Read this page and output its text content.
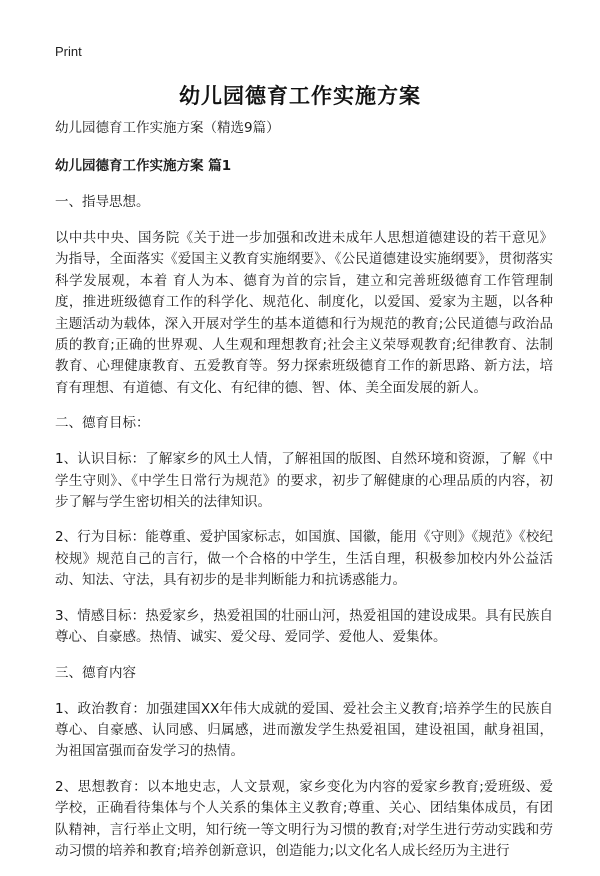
Print
幼儿园德育工作实施方案
幼儿园德育工作实施方案（精选9篇）
幼儿园德育工作实施方案 篇1
一、指导思想。
以中共中央、国务院《关于进一步加强和改进未成年人思想道德建设的若干意见》为指导，全面落实《爱国主义教育实施纲要》、《公民道德建设实施纲要》，贯彻落实科学发展观，本着 育人为本、德育为首的宗旨，建立和完善班级德育工作管理制度，推进班级德育工作的科学化、规范化、制度化，以爱国、爱家为主题，以各种主题活动为载体，深入开展对学生的基本道德和行为规范的教育;公民道德与政治品质的教育;正确的世界观、人生观和理想教育;社会主义荣辱观教育;纪律教育、法制教育、心理健康教育、五爱教育等。努力探索班级德育工作的新思路、新方法，培育有理想、有道德、有文化、有纪律的德、智、体、美全面发展的新人。
二、德育目标：
1、认识目标：了解家乡的风土人情，了解祖国的版图、自然环境和资源，了解《中学生守则》、《中学生日常行为规范》的要求，初步了解健康的心理品质的内容，初步了解与学生密切相关的法律知识。
2、行为目标：能尊重、爱护国家标志，如国旗、国徽，能用《守则》《规范》《校纪校规》规范自己的言行，做一个合格的中学生，生活自理，积极参加校内外公益活动、知法、守法，具有初步的是非判断能力和抗诱惑能力。
3、情感目标：热爱家乡，热爱祖国的壮丽山河，热爱祖国的建设成果。具有民族自尊心、自豪感。热情、诚实、爱父母、爱同学、爱他人、爱集体。
三、德育内容
1、政治教育：加强建国XX年伟大成就的爱国、爱社会主义教育;培养学生的民族自尊心、自豪感、认同感、归属感，进而激发学生热爱祖国，建设祖国，献身祖国，为祖国富强而奋发学习的热情。
2、思想教育：以本地史志，人文景观，家乡变化为内容的爱家乡教育;爱班级、爱学校，正确看待集体与个人关系的集体主义教育;尊重、关心、团结集体成员，有团队精神，言行举止文明，知行统一等文明行为习惯的教育;对学生进行劳动实践和劳动习惯的培养和教育;培养创新意识，创造能力;以文化名人成长经历为主进行
